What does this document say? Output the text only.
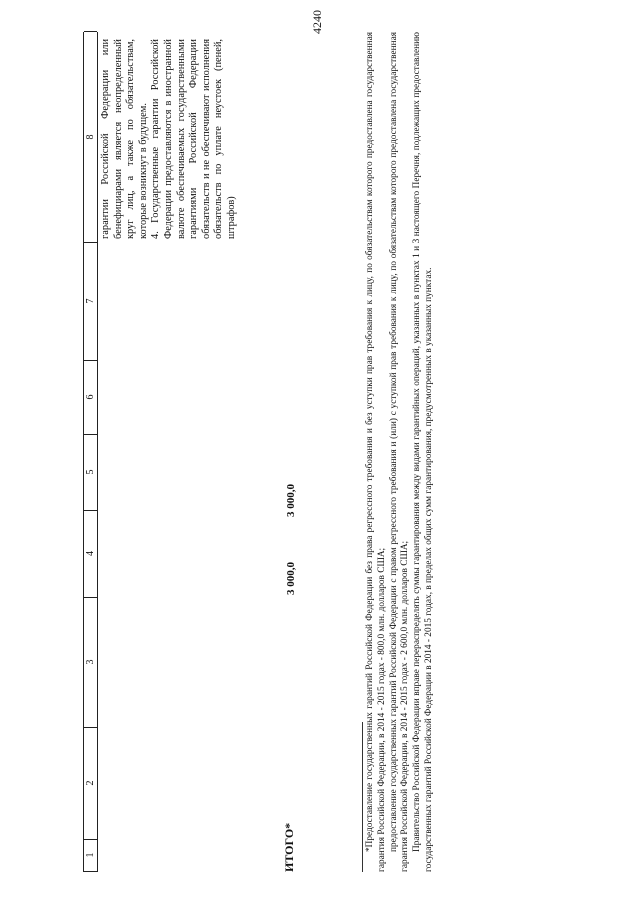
4240
1
2
3
4
5
6
7
8 гарантии Российской Федерации или бенефициарами является неопределенный круг лиц, а также по обязательствам, которые возникнут в будущем. 4. Государственные гарантии Российской Федерации предоставляются в иностранной валюте обеспечиваемых государственными гарантиями Российской Федерации обязательств и не обеспечивают исполнения обязательств по уплате неустоек (пеней, штрафов)

ИТОГО*
3 000,0
3 000,0	*Предоставление государственных гарантий Российской Федерации без права регрессного требования и без уступки прав требования к лицу, по обязательствам которого предоставлена государственная гарантия Российской Федерации, в 2014 - 2015 годах - 800,0 млн. долларов США; предоставление государственных гарантий Российской Федерации с правом регрессного требования и (или) с уступкой прав требования к лицу, по обязательствам которого предоставлена государственная гарантия Российской Федерации, в 2014 - 2015 годах - 2 600,0 млн. долларов США; Правительство Российской Федерации вправе перераспределять суммы гарантирования между видами гарантийных операций, указанных в пунктах 1 и 3 настоящего Перечня, подлежащих предоставлению государственных гарантий Российской Федерации в 2014 - 2015 годах, в пределах общих сумм гарантирования, предусмотренных в указанных пунктах.
